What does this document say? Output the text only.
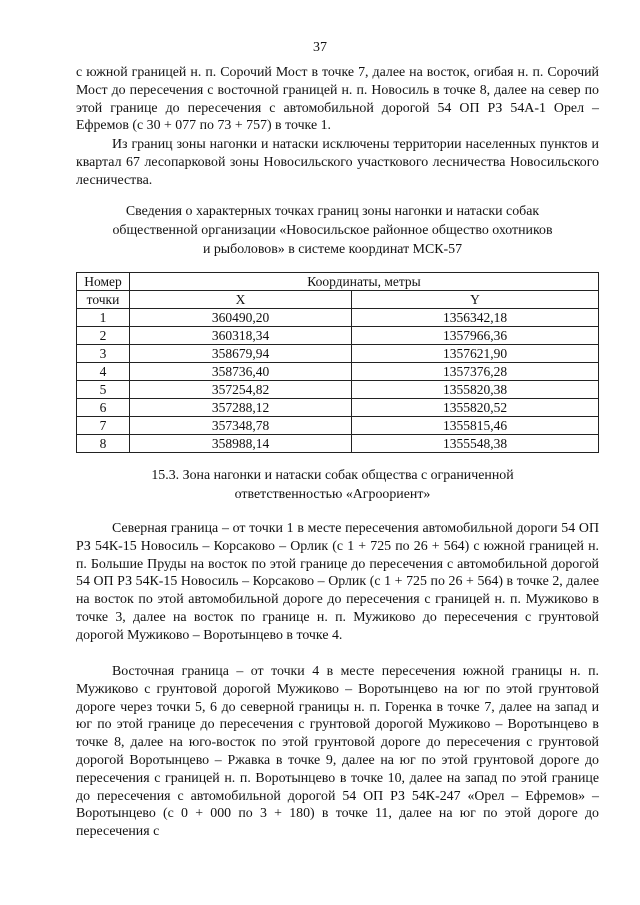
37

с южной границей н. п. Сорочий Мост в точке 7, далее на восток, огибая н. п. Сорочий Мост до пересечения с восточной границей н. п. Новосиль в точке 8, далее на север по этой границе до пересечения с автомобильной дорогой 54 ОП РЗ 54А-1 Орел – Ефремов (с 30 + 077 по 73 + 757) в точке 1.

Из границ зоны нагонки и натаски исключены территории населенных пунктов и квартал 67 лесопарковой зоны Новосильского участкового лесничества Новосильского лесничества.

Сведения о характерных точках границ зоны нагонки и натаски собак
общественной организации «Новосильское районное общество охотников
и рыболовов» в системе координат МСК-57
Номер	Координаты, метры	
точки	X	Y
1	360490,20	1356342,18
2	360318,34	1357966,36
3	358679,94	1357621,90
4	358736,40	1357376,28
5	357254,82	1355820,38
6	357288,12	1355820,52
7	357348,78	1355815,46
8	358988,14	1355548,38
15.3. Зона нагонки и натаски собак общества с ограниченной
ответственностью «Агроориент»

Северная граница – от точки 1 в месте пересечения автомобильной дороги 54 ОП РЗ 54К-15 Новосиль – Корсаково – Орлик (с 1 + 725 по 26 + 564) с южной границей н. п. Большие Пруды на восток по этой границе до пересечения с автомобильной дорогой 54 ОП РЗ 54К-15 Новосиль – Корсаково – Орлик (с 1 + 725 по 26 + 564) в точке 2, далее на восток по этой автомобильной дороге до пересечения с границей н. п. Мужиково в точке 3, далее на восток по границе н. п. Мужиково до пересечения с грунтовой дорогой Мужиково – Воротынцево в точке 4.

Восточная граница – от точки 4 в месте пересечения южной границы н. п. Мужиково с грунтовой дорогой Мужиково – Воротынцево на юг по этой грунтовой дороге через точки 5, 6 до северной границы н. п. Горенка в точке 7, далее на запад и юг по этой границе до пересечения с грунтовой дорогой Мужиково – Воротынцево в точке 8, далее на юго-восток по этой грунтовой дороге до пересечения с грунтовой дорогой Воротынцево – Ржавка в точке 9, далее на юг по этой грунтовой дороге до пересечения с границей н. п. Воротынцево в точке 10, далее на запад по этой границе до пересечения с автомобильной дорогой 54 ОП РЗ 54К-247 «Орел – Ефремов» – Воротынцево (с 0 + 000 по 3 + 180) в точке 11, далее на юг по этой дороге до пересечения с
